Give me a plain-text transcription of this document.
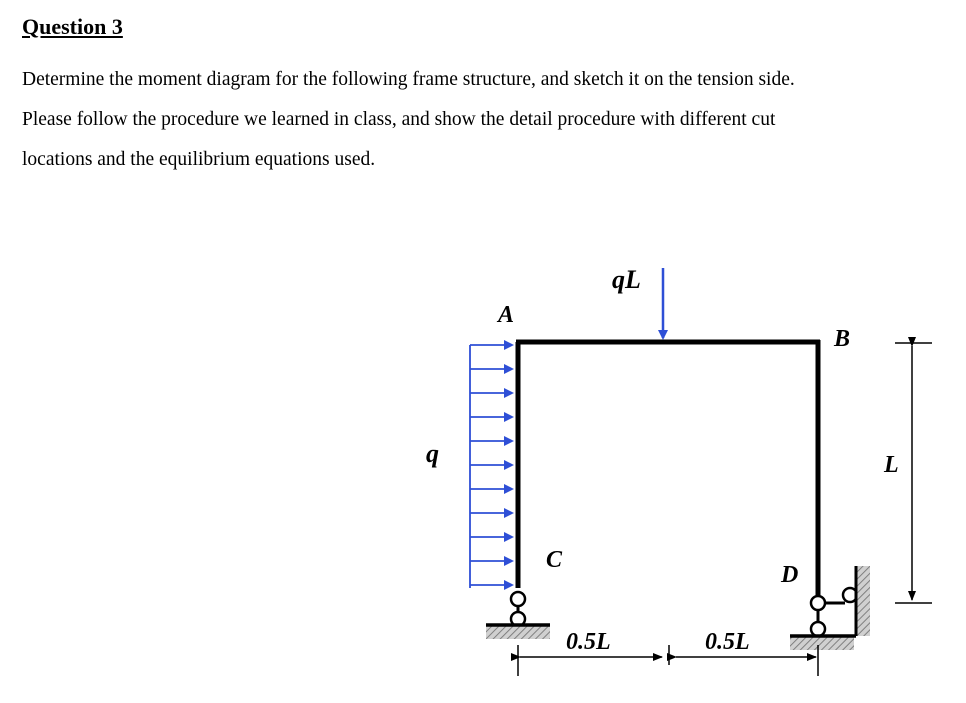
Question 3
Determine the moment diagram for the following frame structure, and sketch it on the tension side.
Please follow the procedure we learned in class, and show the detail procedure with different cut
locations and the equilibrium equations used.
qL
q
A
B
C
D
0.5L	0.5L
L
